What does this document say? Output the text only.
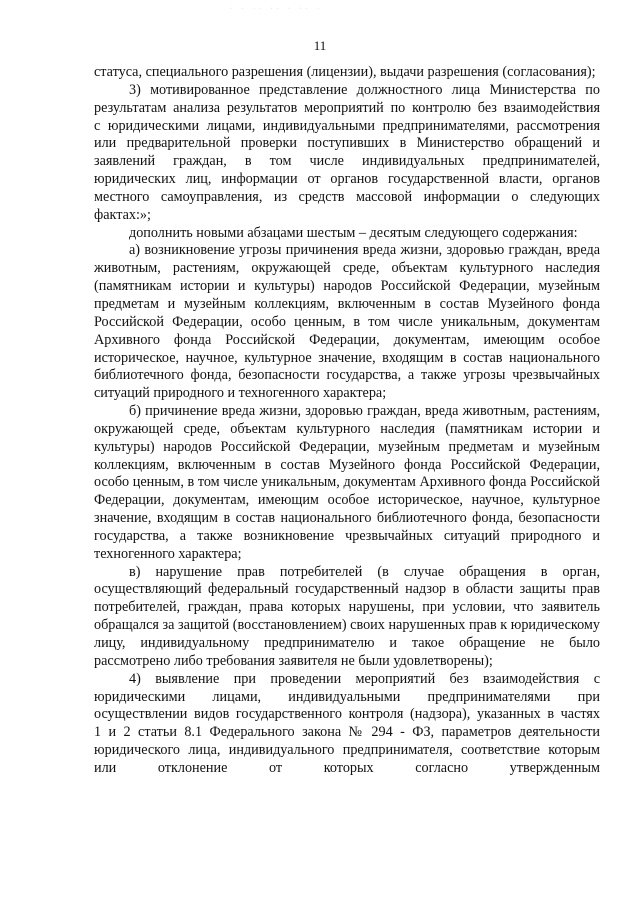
· · ·· ·· · ·· ·
11

статуса, специального разрешения (лицензии), выдачи разрешения (согласования);

3) мотивированное представление должностного лица Министерства по результатам анализа результатов мероприятий по контролю без взаимодействия с юридическими лицами, индивидуальными предпринимателями, рассмотрения или предварительной проверки поступивших в Министерство обращений и заявлений граждан, в том числе индивидуальных предпринимателей, юридических лиц, информации от органов государственной власти, органов местного самоуправления, из средств массовой информации о следующих фактах:»;

дополнить новыми абзацами шестым – десятым следующего содержания:

а) возникновение угрозы причинения вреда жизни, здоровью граждан, вреда животным, растениям, окружающей среде, объектам культурного наследия (памятникам истории и культуры) народов Российской Федерации, музейным предметам и музейным коллекциям, включенным в состав Музейного фонда Российской Федерации, особо ценным, в том числе уникальным, документам Архивного фонда Российской Федерации, документам, имеющим особое историческое, научное, культурное значение, входящим в состав национального библиотечного фонда, безопасности государства, а также угрозы чрезвычайных ситуаций природного и техногенного характера;

б) причинение вреда жизни, здоровью граждан, вреда животным, растениям, окружающей среде, объектам культурного наследия (памятникам истории и культуры) народов Российской Федерации, музейным предметам и музейным коллекциям, включенным в состав Музейного фонда Российской Федерации, особо ценным, в том числе уникальным, документам Архивного фонда Российской Федерации, документам, имеющим особое историческое, научное, культурное значение, входящим в состав национального библиотечного фонда, безопасности государства, а также возникновение чрезвычайных ситуаций природного и техногенного характера;

в) нарушение прав потребителей (в случае обращения в орган, осуществляющий федеральный государственный надзор в области защиты прав потребителей, граждан, права которых нарушены, при условии, что заявитель обращался за защитой (восстановлением) своих нарушенных прав к юридическому лицу, индивидуальному предпринимателю и такое обращение не было рассмотрено либо требования заявителя не были удовлетворены);

4) выявление при проведении мероприятий без взаимодействия с юридическими лицами, индивидуальными предпринимателями при осуществлении видов государственного контроля (надзора), указанных в частях 1 и 2 статьи 8.1 Федерального закона № 294 - ФЗ, параметров деятельности юридического лица, индивидуального предпринимателя, соответствие которым или отклонение от которых согласно утвержденным
